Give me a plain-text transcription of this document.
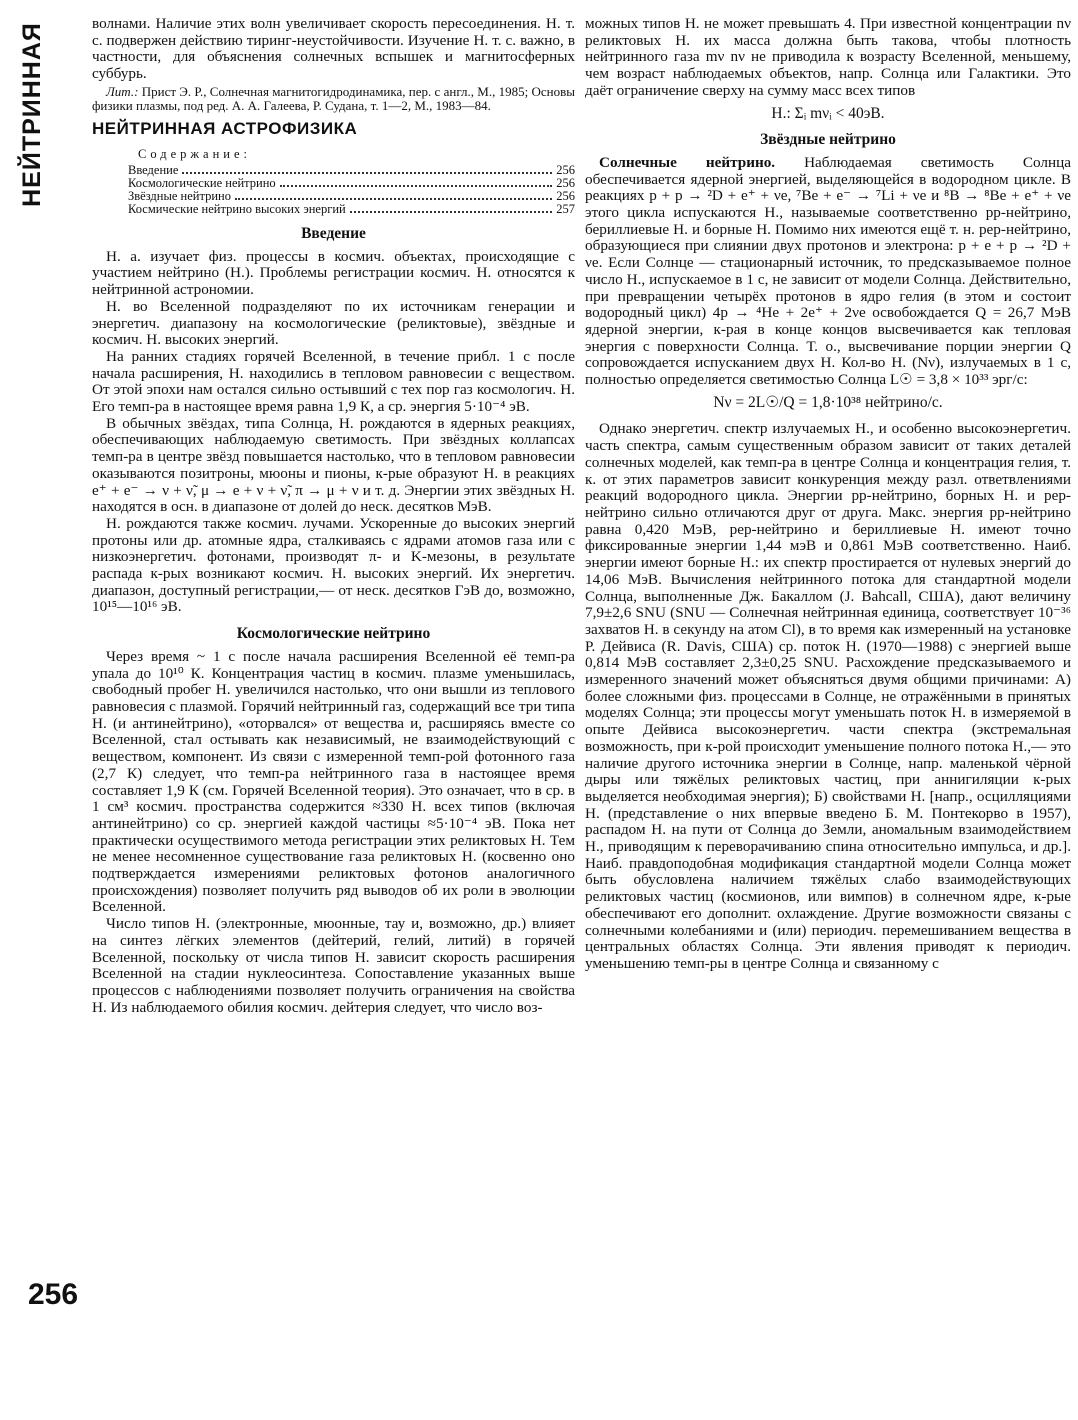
НЕЙТРИННАЯ
256

волнами. Наличие этих волн увеличивает скорость пересоединения. Н. т. с. подвержен действию тиринг-неустойчивости. Изучение Н. т. с. важно, в частности, для объяснения солнечных вспышек и магнитосферных суббурь.

Лит.: Прист Э. Р., Солнечная магнитогидродинамика, пер. с англ., М., 1985; Основы физики плазмы, под ред. А. А. Галеева, Р. Судана, т. 1—2, М., 1983—84.

НЕЙТРИННАЯ АСТРОФИЗИКА

Содержание:
Введение	256
Космологические нейтрино	256
Звёздные нейтрино	256
Космические нейтрино высоких энергий	257
Введение

Н. а. изучает физ. процессы в космич. объектах, происходящие с участием нейтрино (Н.). Проблемы регистрации космич. Н. относятся к нейтринной астрономии.

Н. во Вселенной подразделяют по их источникам генерации и энергетич. диапазону на космологические (реликтовые), звёздные и космич. Н. высоких энергий.

На ранних стадиях горячей Вселенной, в течение прибл. 1 с после начала расширения, Н. находились в тепловом равновесии с веществом. От этой эпохи нам остался сильно остывший с тех пор газ космологич. Н. Его темп-ра в настоящее время равна 1,9 К, а ср. энергия 5·10⁻⁴ эВ.

В обычных звёздах, типа Солнца, Н. рождаются в ядерных реакциях, обеспечивающих наблюдаемую светимость. При звёздных коллапсах темп-ра в центре звёзд повышается настолько, что в тепловом равновесии оказываются позитроны, мюоны и пионы, к-рые образуют Н. в реакциях e⁺ + e⁻ → ν + ν̃, μ → e + ν + ν̃, π → μ + ν и т. д. Энергии этих звёздных Н. находятся в осн. в диапазоне от долей до неск. десятков МэВ.

Н. рождаются также космич. лучами. Ускоренные до высоких энергий протоны или др. атомные ядра, сталкиваясь с ядрами атомов газа или с низкоэнергетич. фотонами, производят π- и K-мезоны, в результате распада к-рых возникают космич. Н. высоких энергий. Их энергетич. диапазон, доступный регистрации,— от неск. десятков ГэВ до, возможно, 10¹⁵—10¹⁶ эВ.

Космологические нейтрино

Через время ~ 1 с после начала расширения Вселенной её темп-ра упала до 10¹⁰ К. Концентрация частиц в космич. плазме уменьшилась, свободный пробег Н. увеличился настолько, что они вышли из теплового равновесия с плазмой. Горячий нейтринный газ, содержащий все три типа Н. (и антинейтрино), «оторвался» от вещества и, расширяясь вместе со Вселенной, стал остывать как независимый, не взаимодействующий с веществом, компонент. Из связи с измеренной темп-рой фотонного газа (2,7 К) следует, что темп-ра нейтринного газа в настоящее время составляет 1,9 К (см. Горячей Вселенной теория). Это означает, что в ср. в 1 см³ космич. пространства содержится ≈330 Н. всех типов (включая антинейтрино) со ср. энергией каждой частицы ≈5·10⁻⁴ эВ. Пока нет практически осуществимого метода регистрации этих реликтовых Н. Тем не менее несомненное существование газа реликтовых Н. (косвенно оно подтверждается измерениями реликтовых фотонов аналогичного происхождения) позволяет получить ряд выводов об их роли в эволюции Вселенной.

Число типов Н. (электронные, мюонные, тау и, возможно, др.) влияет на синтез лёгких элементов (дейтерий, гелий, литий) в горячей Вселенной, поскольку от числа типов Н. зависит скорость расширения Вселенной на стадии нуклеосинтеза. Сопоставление указанных выше процессов с наблюдениями позволяет получить ограничения на свойства Н. Из наблюдаемого обилия космич. дейтерия следует, что число воз-

можных типов Н. не может превышать 4. При известной концентрации nν реликтовых Н. их масса должна быть такова, чтобы плотность нейтринного газа mν nν не приводила к возрасту Вселенной, меньшему, чем возраст наблюдаемых объектов, напр. Солнца или Галактики. Это даёт ограничение сверху на сумму масс всех типов

Н.: Σᵢ mνᵢ < 40эВ.
Звёздные нейтрино

Солнечные нейтрино. Наблюдаемая светимость Солнца обеспечивается ядерной энергией, выделяющейся в водородном цикле. В реакциях p + p → ²D + e⁺ + νe, ⁷Be + e⁻ → ⁷Li + νe и ⁸B → ⁸Be + e⁺ + νe этого цикла испускаются Н., называемые соответственно pp-нейтрино, бериллиевые Н. и борные Н. Помимо них имеются ещё т. н. pep-нейтрино, образующиеся при слиянии двух протонов и электрона: p + e + p → ²D + νe. Если Солнце — стационарный источник, то предсказываемое полное число Н., испускаемое в 1 с, не зависит от модели Солнца. Действительно, при превращении четырёх протонов в ядро гелия (в этом и состоит водородный цикл) 4p → ⁴He + 2e⁺ + 2νe освобождается Q = 26,7 МэВ ядерной энергии, к-рая в конце концов высвечивается как тепловая энергия с поверхности Солнца. Т. о., высвечивание порции энергии Q сопровождается испусканием двух Н. Кол-во Н. (Nν), излучаемых в 1 с, полностью определяется светимостью Солнца L☉ = 3,8 × 10³³ эрг/с:

Nν = 2L☉/Q = 1,8·10³⁸ нейтрино/с.

Однако энергетич. спектр излучаемых Н., и особенно высокоэнергетич. часть спектра, самым существенным образом зависит от таких деталей солнечных моделей, как темп-ра в центре Солнца и концентрация гелия, т. к. от этих параметров зависит конкуренция между разл. ответвлениями реакций водородного цикла. Энергии pp-нейтрино, борных Н. и pep-нейтрино сильно отличаются друг от друга. Макс. энергия pp-нейтрино равна 0,420 МэВ, pep-нейтрино и бериллиевые Н. имеют точно фиксированные энергии 1,44 мэВ и 0,861 МэВ соответственно. Наиб. энергии имеют борные Н.: их спектр простирается от нулевых энергий до 14,06 МэВ. Вычисления нейтринного потока для стандартной модели Солнца, выполненные Дж. Бакаллом (J. Bahcall, США), дают величину 7,9±2,6 SNU (SNU — Солнечная нейтринная единица, соответствует 10⁻³⁶ захватов Н. в секунду на атом Cl), в то время как измеренный на установке Р. Дейвиса (R. Davis, США) ср. поток Н. (1970—1988) с энергией выше 0,814 МэВ составляет 2,3±0,25 SNU. Расхождение предсказываемого и измеренного значений может объясняться двумя общими причинами: А) более сложными физ. процессами в Солнце, не отражёнными в принятых моделях Солнца; эти процессы могут уменьшать поток Н. в измеряемой в опыте Дейвиса высокоэнергетич. части спектра (экстремальная возможность, при к-рой происходит уменьшение полного потока Н.,— это наличие другого источника энергии в Солнце, напр. маленькой чёрной дыры или тяжёлых реликтовых частиц, при аннигиляции к-рых выделяется необходимая энергия); Б) свойствами Н. [напр., осцилляциями Н. (представление о них впервые введено Б. М. Понтекорво в 1957), распадом Н. на пути от Солнца до Земли, аномальным взаимодействием Н., приводящим к переворачиванию спина относительно импульса, и др.]. Наиб. правдоподобная модификация стандартной модели Солнца может быть обусловлена наличием тяжёлых слабо взаимодействующих реликтовых частиц (космионов, или вимпов) в солнечном ядре, к-рые обеспечивают его дополнит. охлаждение. Другие возможности связаны с солнечными колебаниями и (или) периодич. перемешиванием вещества в центральных областях Солнца. Эти явления приводят к периодич. уменьшению темп-ры в центре Солнца и связанному с
